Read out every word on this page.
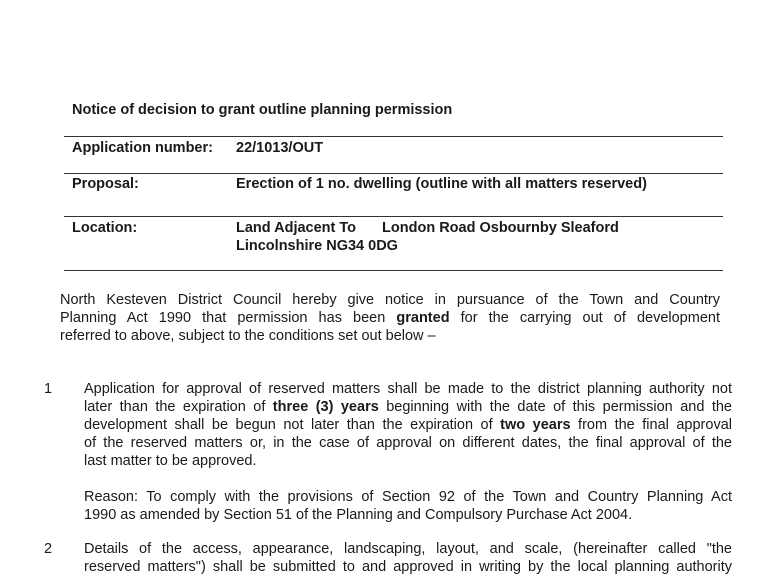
Notice of decision to grant outline planning permission
Application number: 22/1013/OUT
Proposal:	Erection of 1 no. dwelling (outline with all matters reserved)
Location:	Land Adjacent To London Road Osbournby Sleaford
Lincolnshire NG34 0DG
North Kesteven District Council hereby give notice in pursuance of the Town and Country
Planning Act 1990 that permission has been granted for the carrying out of development
referred to above, subject to the conditions set out below –
1 Application for approval of reserved matters shall be made to the district planning authority not
later than the expiration of three (3) years beginning with the date of this permission and the
development shall be begun not later than the expiration of two years from the final approval
of the reserved matters or, in the case of approval on different dates, the final approval of the
last matter to be approved.
Reason: To comply with the provisions of Section 92 of the Town and Country Planning Act
1990 as amended by Section 51 of the Planning and Compulsory Purchase Act 2004.
2 Details of the access, appearance, landscaping, layout, and scale, (hereinafter called "the
reserved matters") shall be submitted to and approved in writing by the local planning authority
